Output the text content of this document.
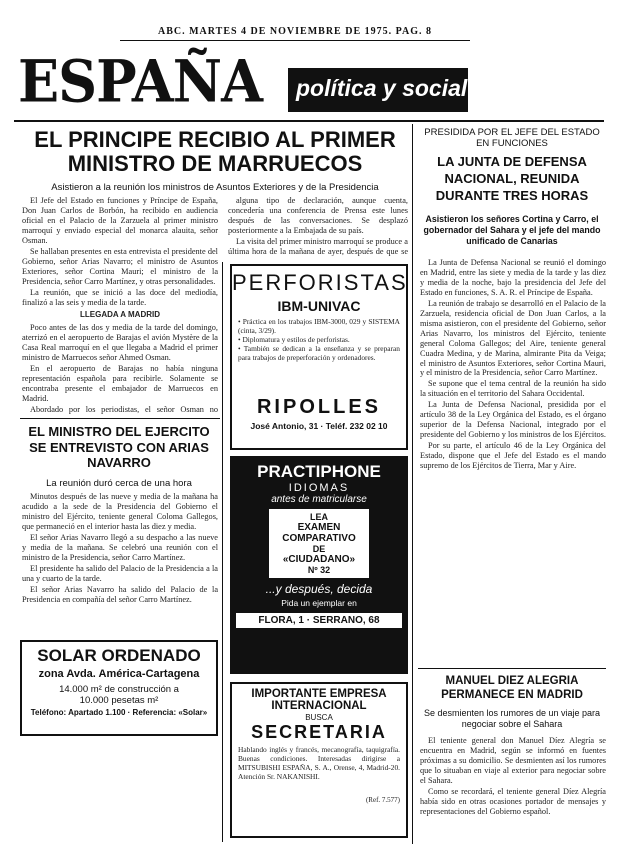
ABC. MARTES 4 DE NOVIEMBRE DE 1975. PAG. 8
ESPAÑA	política y social
EL PRINCIPE RECIBIO AL PRIMER MINISTRO DE MARRUECOS
Asistieron a la reunión los ministros de Asuntos Exteriores y de la Presidencia

El Jefe del Estado en funciones y Príncipe de España, Don Juan Carlos de Borbón, ha recibido en audiencia oficial en el Palacio de la Zarzuela al primer ministro marroquí y enviado especial del monarca alauita, señor Osman.

Se hallaban presentes en esta entrevista el presidente del Gobierno, señor Arias Navarro; el ministro de Asuntos Exteriores, señor Cortina Mauri; el ministro de la Presidencia, señor Carro Martínez, y otras personalidades.

La reunión, que se inició a las doce del mediodía, finalizó a las seis y media de la tarde.

LLEGADA A MADRID

Poco antes de las dos y media de la tarde del domingo, aterrizó en el aeropuerto de Barajas el avión Mystère de la Casa Real marroquí en el que llegaba a Madrid el primer ministro de Marruecos señor Ahmed Osman.

En el aeropuerto de Barajas no había ninguna representación española para recibirle. Solamente se encontraba presente el embajador de Marruecos en Madrid.

Abordado por los periodistas, el señor Osman no

alguna tipo de declaración, aunque cuenta, concedería una conferencia de Prensa este lunes después de las conversaciones. Se desplazó posteriormente a la Embajada de su país.

La visita del primer ministro marroquí se produce a última hora de la mañana de ayer, después de que se

PERFORISTAS
IBM-UNIVAC
• Práctica en los trabajos IBM-3000, 029 y SISTEMA (cinta, 3/29).
• Diplomatura y estilos de perforistas.
• También se dedican a la enseñanza y se preparan para trabajos de preperforación y ordenadores.
RIPOLLES
José Antonio, 31 · Teléf. 232 02 10
PRACTIPHONE
IDIOMAS
antes de matricularse
LEA
EXAMEN
COMPARATIVO
DE
«CIUDADANO»
Nº 32
...y después, decida
Pida un ejemplar en
FLORA, 1 · SERRANO, 68
IMPORTANTE EMPRESA
INTERNACIONAL
BUSCA
SECRETARIA
Hablando inglés y francés, mecanografía, taquigrafía. Buenas condiciones. Interesadas dirigirse a MITSUBISHI ESPAÑA, S. A., Orense, 4, Madrid-20. Atención Sr. NAKANISHI.
(Ref. 7.577)
EL MINISTRO DEL EJERCITO SE ENTREVISTO CON ARIAS NAVARRO
La reunión duró cerca de una hora

Minutos después de las nueve y media de la mañana ha acudido a la sede de la Presidencia del Gobierno el ministro del Ejército, teniente general Coloma Gallegos, que permaneció en el interior hasta las diez y media.

El señor Arias Navarro llegó a su despacho a las nueve y media de la mañana. Se celebró una reunión con el ministro de la Presidencia, señor Carro Martínez.

El presidente ha salido del Palacio de la Presidencia a la una y cuarto de la tarde.

El señor Arias Navarro ha salido del Palacio de la Presidencia en compañía del señor Carro Martínez.

SOLAR ORDENADO
zona Avda. América-Cartagena
14.000 m² de construcción a
10.000 pesetas m²
Teléfono: Apartado 1.100 · Referencia: «Solar»
PRESIDIDA POR EL JEFE DEL ESTADO EN FUNCIONES
LA JUNTA DE DEFENSA NACIONAL, REUNIDA DURANTE TRES HORAS
Asistieron los señores Cortina y Carro, el gobernador del Sahara y el jefe del mando unificado de Canarias

La Junta de Defensa Nacional se reunió el domingo en Madrid, entre las siete y media de la tarde y las diez y media de la noche, bajo la presidencia del Jefe del Estado en funciones, S. A. R. el Príncipe de España.

La reunión de trabajo se desarrolló en el Palacio de la Zarzuela, residencia oficial de Don Juan Carlos, a la misma asistieron, con el presidente del Gobierno, señor Arias Navarro, los ministros del Ejército, teniente general Coloma Gallegos; del Aire, teniente general Cuadra Medina, y de Marina, almirante Pita da Veiga; el ministro de Asuntos Exteriores, señor Cortina Mauri, y el ministro de la Presidencia, señor Carro Martínez.

Se supone que el tema central de la reunión ha sido la situación en el territorio del Sahara Occidental.

La Junta de Defensa Nacional, presidida por el artículo 38 de la Ley Orgánica del Estado, es el órgano superior de la Defensa Nacional, integrado por el presidente del Gobierno y los ministros de los Ejércitos.

Por su parte, el artículo 46 de la Ley Orgánica del Estado, dispone que el Jefe del Estado es el mando supremo de los Ejércitos de Tierra, Mar y Aire.

MANUEL DIEZ ALEGRIA PERMANECE EN MADRID
Se desmienten los rumores de un viaje para negociar sobre el Sahara

El teniente general don Manuel Díez Alegría se encuentra en Madrid, según se informó en fuentes próximas a su domicilio. Se desmienten así los rumores que lo situaban en viaje al exterior para negociar sobre el Sahara.

Como se recordará, el teniente general Díez Alegría había sido en otras ocasiones portador de mensajes y representaciones del Gobierno español.
